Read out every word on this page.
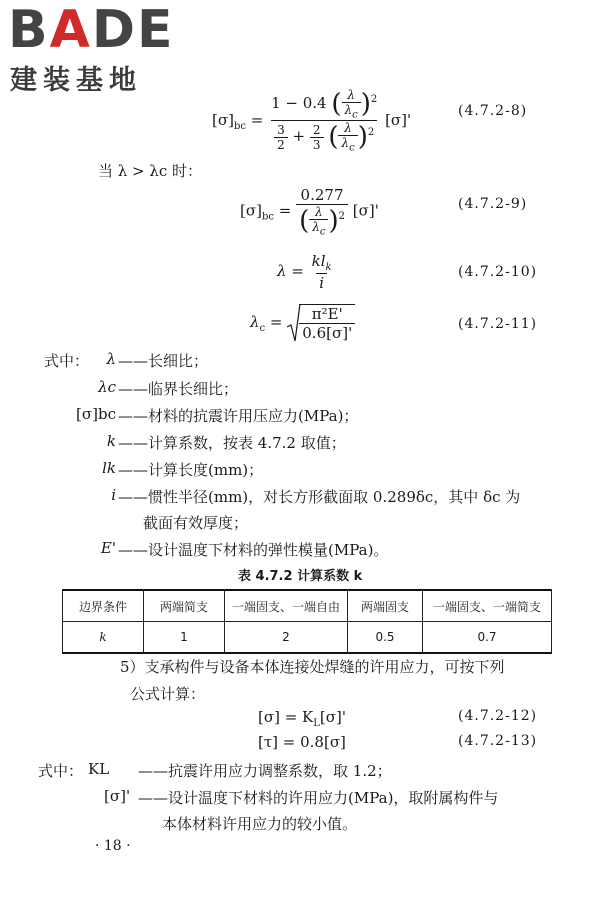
BADE
建装基地
$[\sigma]_{bc} = \frac{1 - 0.4 ( \frac{\lambda}{\lambda_c} )^2}{\frac{3}{2} + \frac{2}{3} ( \frac{\lambda}{\lambda_c} )^2} [\sigma]'$	(4.7.2-8)
当 λ > λc 时：
$[\sigma]_{bc} = \frac{0.277}{( \frac{\lambda}{\lambda_c} )^2} [\sigma]'$	(4.7.2-9)
$\lambda = \frac{kl_k}{i}$	(4.7.2-10)
$\lambda_c = \frac{\text{π²E'}}{0.6[\sigma]'}$	(4.7.2-11)
式中：	λ ——长细比；
λc ——临界长细比；
[σ]bc ——材料的抗震许用压应力(MPa)；
k ——计算系数，按表 4.7.2 取值；
lk ——计算长度(mm)；
i ——惯性半径(mm)，对长方形截面取 0.289δc，其中 δc 为
截面有效厚度；
E' ——设计温度下材料的弹性模量(MPa)。
表 4.7.2 计算系数 k
边界条件	两端简支	一端固支、一端自由	两端固支	一端固支、一端简支
k	1	2	0.5	0.7
5）支承构件与设备本体连接处焊缝的许用应力，可按下列
公式计算：
$[\sigma] = K_L[\sigma]'$	(4.7.2-12)
[τ] = 0.8[σ]	(4.7.2-13)
式中： KL ——抗震许用应力调整系数，取 1.2；
[σ]' ——设计温度下材料的许用应力(MPa)，取附属构件与
本体材料许用应力的较小值。
· 18 ·
